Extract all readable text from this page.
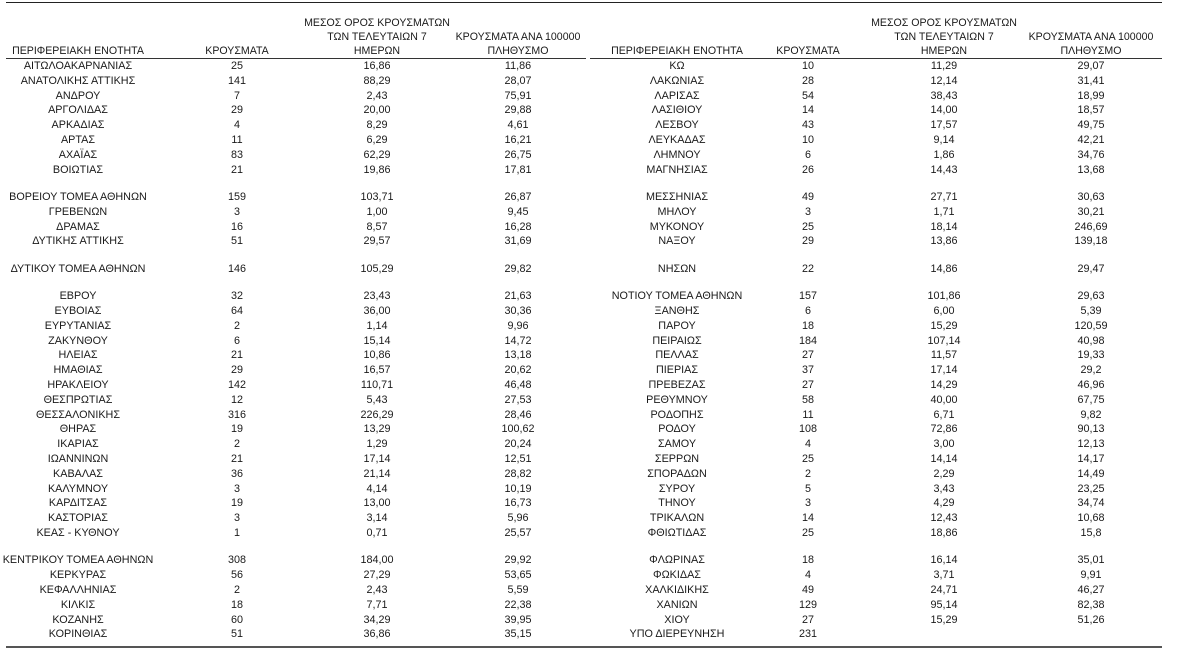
ΠΕΡΙΦΕΡΕΙΑΚΗ ΕΝΟΤΗΤΑ	ΚΡΟΥΣΜΑΤΑ
ΜΕΣΟΣ ΟΡΟΣ ΚΡΟΥΣΜΑΤΩΝ
ΤΩΝ ΤΕΛΕΥΤΑΙΩΝ 7
ΗΜΕΡΩΝ
ΚΡΟΥΣΜΑΤΑ ΑΝΑ 100000
ΠΛΗΘΥΣΜΟ
ΑΙΤΩΛΟΑΚΑΡΝΑΝΙΑΣ	25	16,86	11,86
ΑΝΑΤΟΛΙΚΗΣ ΑΤΤΙΚΗΣ	141	88,29	28,07
ΑΝΔΡΟΥ	7	2,43	75,91
ΑΡΓΟΛΙΔΑΣ	29	20,00	29,88
ΑΡΚΑΔΙΑΣ	4	8,29	4,61
ΑΡΤΑΣ	11	6,29	16,21
ΑΧΑΪΑΣ	83	62,29	26,75
ΒΟΙΩΤΙΑΣ	21	19,86	17,81
ΒΟΡΕΙΟΥ ΤΟΜΕΑ ΑΘΗΝΩΝ	159	103,71	26,87
ΓΡΕΒΕΝΩΝ	3	1,00	9,45
ΔΡΑΜΑΣ	16	8,57	16,28
ΔΥΤΙΚΗΣ ΑΤΤΙΚΗΣ	51	29,57	31,69
ΔΥΤΙΚΟΥ ΤΟΜΕΑ ΑΘΗΝΩΝ	146	105,29	29,82
ΕΒΡΟΥ	32	23,43	21,63
ΕΥΒΟΙΑΣ	64	36,00	30,36
ΕΥΡΥΤΑΝΙΑΣ	2	1,14	9,96
ΖΑΚΥΝΘΟΥ	6	15,14	14,72
ΗΛΕΙΑΣ	21	10,86	13,18
ΗΜΑΘΙΑΣ	29	16,57	20,62
ΗΡΑΚΛΕΙΟΥ	142	110,71	46,48
ΘΕΣΠΡΩΤΙΑΣ	12	5,43	27,53
ΘΕΣΣΑΛΟΝΙΚΗΣ	316	226,29	28,46
ΘΗΡΑΣ	19	13,29	100,62
ΙΚΑΡΙΑΣ	2	1,29	20,24
ΙΩΑΝΝΙΝΩΝ	21	17,14	12,51
ΚΑΒΑΛΑΣ	36	21,14	28,82
ΚΑΛΥΜΝΟΥ	3	4,14	10,19
ΚΑΡΔΙΤΣΑΣ	19	13,00	16,73
ΚΑΣΤΟΡΙΑΣ	3	3,14	5,96
ΚΕΑΣ - ΚΥΘΝΟΥ	1	0,71	25,57
ΚΕΝΤΡΙΚΟΥ ΤΟΜΕΑ ΑΘΗΝΩΝ	308	184,00	29,92
ΚΕΡΚΥΡΑΣ	56	27,29	53,65
ΚΕΦΑΛΛΗΝΙΑΣ	2	2,43	5,59
ΚΙΛΚΙΣ	18	7,71	22,38
ΚΟΖΑΝΗΣ	60	34,29	39,95
ΚΟΡΙΝΘΙΑΣ	51	36,86	35,15
ΠΕΡΙΦΕΡΕΙΑΚΗ ΕΝΟΤΗΤΑ	ΚΡΟΥΣΜΑΤΑ
ΜΕΣΟΣ ΟΡΟΣ ΚΡΟΥΣΜΑΤΩΝ
ΤΩΝ ΤΕΛΕΥΤΑΙΩΝ 7
ΗΜΕΡΩΝ
ΚΡΟΥΣΜΑΤΑ ΑΝΑ 100000
ΠΛΗΘΥΣΜΟ
ΚΩ	10	11,29	29,07
ΛΑΚΩΝΙΑΣ	28	12,14	31,41
ΛΑΡΙΣΑΣ	54	38,43	18,99
ΛΑΣΙΘΙΟΥ	14	14,00	18,57
ΛΕΣΒΟΥ	43	17,57	49,75
ΛΕΥΚΑΔΑΣ	10	9,14	42,21
ΛΗΜΝΟΥ	6	1,86	34,76
ΜΑΓΝΗΣΙΑΣ	26	14,43	13,68
ΜΕΣΣΗΝΙΑΣ	49	27,71	30,63
ΜΗΛΟΥ	3	1,71	30,21
ΜΥΚΟΝΟΥ	25	18,14	246,69
ΝΑΞΟΥ	29	13,86	139,18
ΝΗΣΩΝ	22	14,86	29,47
ΝΟΤΙΟΥ ΤΟΜΕΑ ΑΘΗΝΩΝ	157	101,86	29,63
ΞΑΝΘΗΣ	6	6,00	5,39
ΠΑΡΟΥ	18	15,29	120,59
ΠΕΙΡΑΙΩΣ	184	107,14	40,98
ΠΕΛΛΑΣ	27	11,57	19,33
ΠΙΕΡΙΑΣ	37	17,14	29,2
ΠΡΕΒΕΖΑΣ	27	14,29	46,96
ΡΕΘΥΜΝΟΥ	58	40,00	67,75
ΡΟΔΟΠΗΣ	11	6,71	9,82
ΡΟΔΟΥ	108	72,86	90,13
ΣΑΜΟΥ	4	3,00	12,13
ΣΕΡΡΩΝ	25	14,14	14,17
ΣΠΟΡΑΔΩΝ	2	2,29	14,49
ΣΥΡΟΥ	5	3,43	23,25
ΤΗΝΟΥ	3	4,29	34,74
ΤΡΙΚΑΛΩΝ	14	12,43	10,68
ΦΘΙΩΤΙΔΑΣ	25	18,86	15,8
ΦΛΩΡΙΝΑΣ	18	16,14	35,01
ΦΩΚΙΔΑΣ	4	3,71	9,91
ΧΑΛΚΙΔΙΚΗΣ	49	24,71	46,27
ΧΑΝΙΩΝ	129	95,14	82,38
ΧΙΟΥ	27	15,29	51,26
ΥΠΟ ΔΙΕΡΕΥΝΗΣΗ	231
